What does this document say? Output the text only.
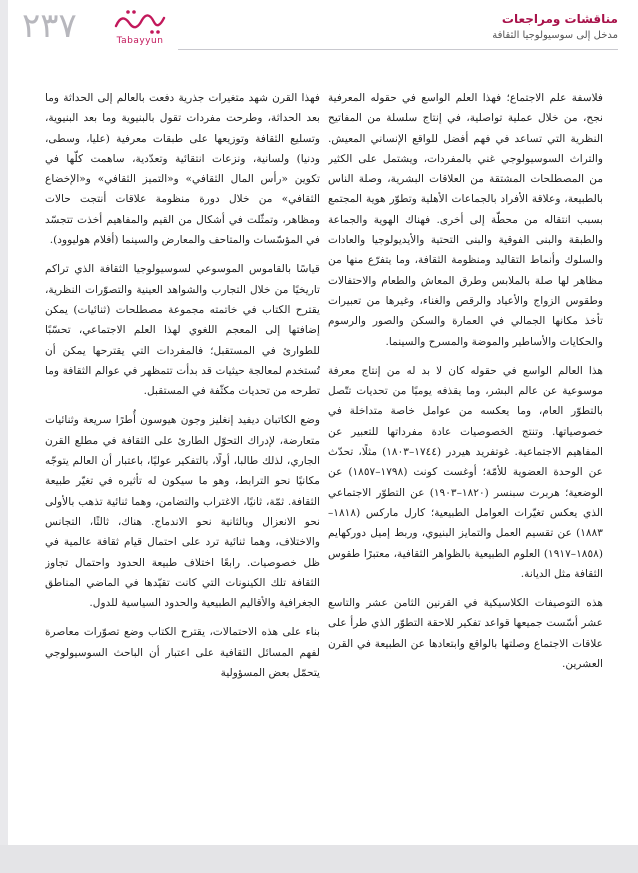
٢٣٧	Tabayyun
مناقشات ومراجعات
مدخل إلى سوسيولوجيا الثقافة

فلاسفة علم الاجتماع؛ فهذا العلم الواسع في حقوله المعرفية نجح، من خلال عملية تواصلية، في إنتاج سلسلة من المفاتيح النظرية التي تساعد في فهم أفضل للواقع الإنساني المعيش. والتراث السوسيولوجي غني بالمفردات، ويشتمل على الكثير من المصطلحات المشتقة من العلاقات البشرية، وصلة الناس بالطبيعة، وعلاقة الأفراد بالجماعات الأهلية وتطوّر هوية المجتمع بسبب انتقاله من محطّة إلى أخرى. فهناك الهوية والجماعة والطبقة والبنى الفوقية والبنى التحتية والأيديولوجيا والعادات والسلوك وأنماط التقاليد ومنظومة الثقافة، وما يتفرّع منها من مظاهر لها صلة بالملابس وطرق المعاش والطعام والاحتفالات وطقوس الزواج والأعياد والرقص والغناء، وغيرها من تعبيرات تأخذ مكانها الجمالي في العمارة والسكن والصور والرسوم والحكايات والأساطير والموضة والمسرح والسينما.

هذا العالم الواسع في حقوله كان لا بد له من إنتاج معرفة موسوعية عن عالم البشر، وما يقذفه يوميًا من تحديات تتّصل بالتطوّر العام، وما يعكسه من عوامل خاصة متداخلة في خصوصياتها. وتنتج الخصوصيات عادة مفرداتها للتعبير عن المفاهيم الاجتماعية. غوتفريد هيردر (١٧٤٤–١٨٠٣) مثلًا، تحدّث عن الوحدة العضوية للأمّة؛ أوغست كونت (١٧٩٨–١٨٥٧) عن الوضعية؛ هربرت سبنسر (١٨٢٠–١٩٠٣) عن التطوّر الاجتماعي الذي يعكس تغيّرات العوامل الطبيعية؛ كارل ماركس (١٨١٨–١٨٨٣) عن تقسيم العمل والتمايز البنيوي، وربط إميل دوركهايم (١٨٥٨–١٩١٧) العلوم الطبيعية بالظواهر الثقافية، معتبرًا طقوس الثقافة مثل الديانة.

هذه التوصيفات الكلاسيكية في القرنين الثامن عشر والتاسع عشر أسّست جميعها قواعد تفكير للاحقة التطوّر الذي طرأ على علاقات الاجتماع وصلتها بالواقع وابتعادها عن الطبيعة في القرن العشرين.

فهذا القرن شهد متغيرات جذرية دفعت بالعالم إلى الحداثة وما بعد الحداثة، وطرحت مفردات تقول بالبنيوية وما بعد البنيوية، وتسليع الثقافة وتوزيعها على طبقات معرفية (عليا، وسطى، ودنيا) ولسانية، ونزعات انتقائية وتعدّدية، ساهمت كلّها في تكوين «رأس المال الثقافي» و«التميز الثقافي» و«الإخضاع الثقافي» من خلال دورة منظومة علاقات أنتجت حالات ومظاهر، وتمثّلت في أشكال من القيم والمفاهيم أخذت تتجسّد في المؤسّسات والمتاحف والمعارض والسينما (أفلام هوليوود).

قياسًا بالقاموس الموسوعي لسوسيولوجيا الثقافة الذي تراكم تاريخيًا من خلال التجارب والشواهد العينية والتصوّرات النظرية، يقترح الكتاب في خاتمته مجموعة مصطلحات (ثنائيات) يمكن إضافتها إلى المعجم اللغوي لهذا العلم الاجتماعي، تحسّبًا للطوارئ في المستقبل؛ فالمفردات التي يقترحها يمكن أن تُستخدم لمعالجة حيثيات قد بدأت تتمظهر في عوالم الثقافة وما تطرحه من تحديات مكثّفة في المستقبل.

وضع الكاتبان ديفيد إنغليز وجون هيوسون أُطرًا سريعة وثنائيات متعارضة، لإدراك التحوّل الطارئ على الثقافة في مطلع القرن الجاري، لذلك طالبا، أولًا، بالتفكير عوليًا، باعتبار أن العالم يتوجّه مكانيًا نحو الترابط، وهو ما سيكون له تأثيره في تغيّر طبيعة الثقافة. ثمّة، ثانيًا، الاغتراب والتضامن، وهما ثنائية تذهب بالأولى نحو الانعزال وبالثانية نحو الاندماج. هناك، ثالثًا، التجانس والاختلاف، وهما ثنائية ترد على احتمال قيام ثقافة عالمية في ظل خصوصيات. رابعًا اختلاف طبيعة الحدود واحتمال تجاوز الثقافة تلك الكينونات التي كانت تقيّدها في الماضي المناطق الجغرافية والأقاليم الطبيعية والحدود السياسية للدول.

بناء على هذه الاحتمالات، يقترح الكتاب وضع تصوّرات معاصرة لفهم المسائل الثقافية على اعتبار أن الباحث السوسيولوجي يتحمّل بعض المسؤولية
